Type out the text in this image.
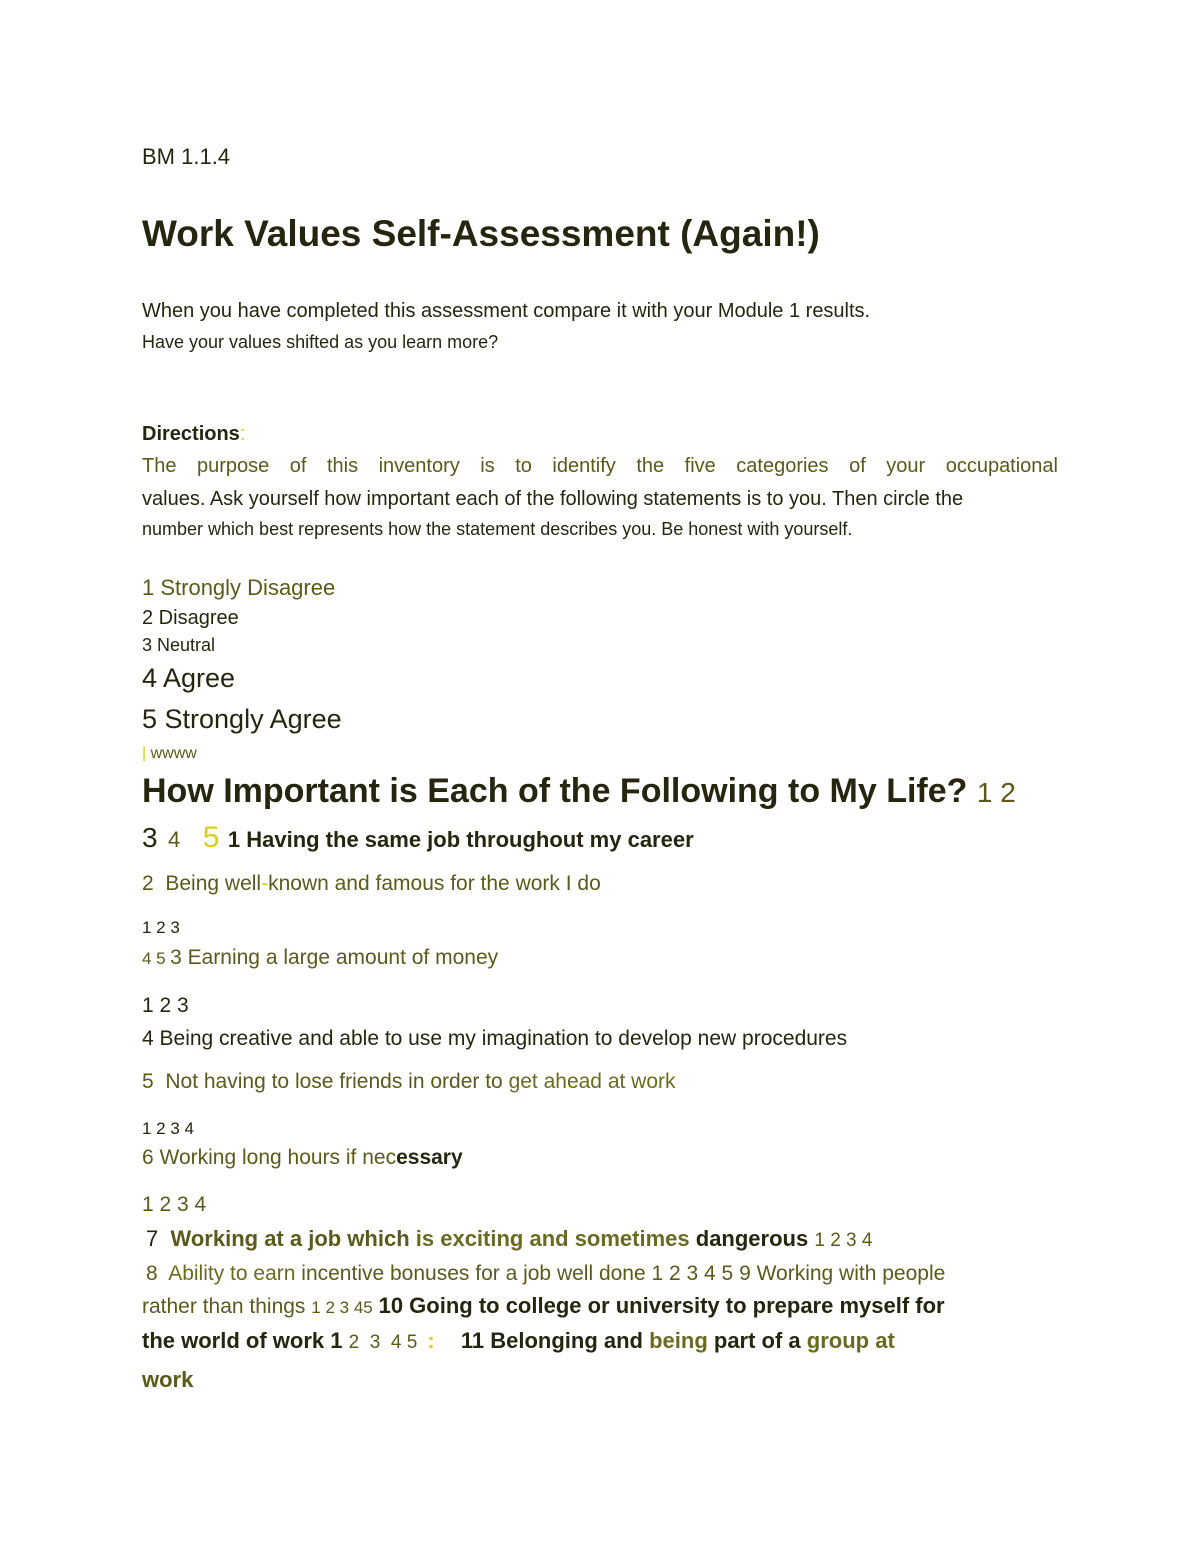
BM 1.1.4
Work Values Self-Assessment (Again!)
When you have completed this assessment compare it with your Module 1 results.
Have your values shifted as you learn more?
Directions:
The purpose of this inventory is to identify the five categories of your occupational
values. Ask yourself how important each of the following statements is to you. Then circle the
number which best represents how the statement describes you. Be honest with yourself.
1 Strongly Disagree
2 Disagree
3 Neutral
4 Agree
5 Strongly Agree
| wwww
How Important is Each of the Following to My Life? 1 2
3 4 5 1 Having the same job throughout my career
2 Being well-known and famous for the work I do
1 2 3
4 5 3 Earning a large amount of money
1 2 3
4 Being creative and able to use my imagination to develop new procedures
5 Not having to lose friends in order to get ahead at work
1 2 3 4
6 Working long hours if necessary
1 2 3 4
7 Working at a job which is exciting and sometimes dangerous 1 2 3 4
8 Ability to earn incentive bonuses for a job well done 1 2 3 4 5 9 Working with people
rather than things 1 2 3 45 10 Going to college or university to prepare myself for
the world of work 1 2  3  4 5 : 11 Belonging and being part of a group at
work
